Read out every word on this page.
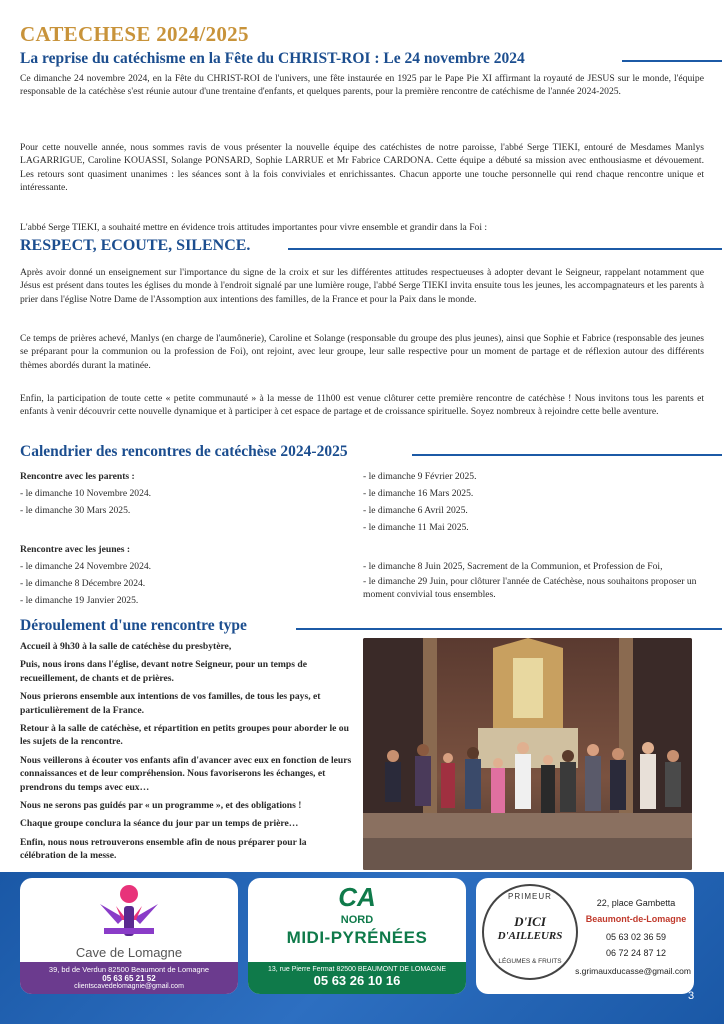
CATECHESE 2024/2025
La reprise du catéchisme en la Fête du CHRIST-ROI : Le 24 novembre 2024
Ce dimanche 24 novembre 2024, en la Fête du CHRIST-ROI de l'univers, une fête instaurée en 1925 par le Pape Pie XI affirmant la royauté de JESUS sur le monde, l'équipe responsable de la catéchèse s'est réunie autour d'une trentaine d'enfants, et quelques parents, pour la première rencontre de catéchisme de l'année 2024-2025.
Pour cette nouvelle année, nous sommes ravis de vous présenter la nouvelle équipe des catéchistes de notre paroisse, l'abbé Serge TIEKI, entouré de Mesdames Manlys LAGARRIGUE, Caroline KOUASSI, Solange PONSARD, Sophie LARRUE et Mr Fabrice CARDONA. Cette équipe a débuté sa mission avec enthousiasme et dévouement. Les retours sont quasiment unanimes : les séances sont à la fois conviviales et enrichissantes. Chacun apporte une touche personnelle qui rend chaque rencontre unique et intéressante.
L'abbé Serge TIEKI, a souhaité mettre en évidence trois attitudes importantes pour vivre ensemble et grandir dans la Foi :
RESPECT, ECOUTE, SILENCE.
Après avoir donné un enseignement sur l'importance du signe de la croix et sur les différentes attitudes respectueuses à adopter devant le Seigneur, rappelant notamment que Jésus est présent dans toutes les églises du monde à l'endroit signalé par une lumière rouge, l'abbé Serge TIEKI invita ensuite tous les jeunes, les accompagnateurs et les parents à prier dans l'église Notre Dame de l'Assomption aux intentions des familles, de la France et pour la Paix dans le monde.
Ce temps de prières achevé, Manlys (en charge de l'aumônerie), Caroline et Solange (responsable du groupe des plus jeunes), ainsi que Sophie et Fabrice (responsable des jeunes se préparant pour la communion ou la profession de Foi), ont rejoint, avec leur groupe, leur salle respective pour un moment de partage et de réflexion autour des différents thèmes abordés durant la matinée.
Enfin, la participation de toute cette « petite communauté » à la messe de 11h00 est venue clôturer cette première rencontre de catéchèse ! Nous invitons tous les parents et enfants à venir découvrir cette nouvelle dynamique et à participer à cet espace de partage et de croissance spirituelle. Soyez nombreux à rejoindre cette belle aventure.
Calendrier des rencontres de catéchèse 2024-2025
Rencontre avec les parents :
- le dimanche 10 Novembre 2024.
- le dimanche 30 Mars 2025.
Rencontre avec les jeunes :
- le dimanche 24 Novembre 2024.
- le dimanche 8 Décembre 2024.
- le dimanche 19 Janvier 2025.
- le dimanche 9 Février 2025.
- le dimanche 16 Mars 2025.
- le dimanche 6 Avril 2025.
- le dimanche 11 Mai 2025.
- le dimanche 8 Juin 2025, Sacrement de la Communion, et Profession de Foi,
- le dimanche 29 Juin, pour clôturer l'année de Catéchèse, nous souhaitons proposer un moment convivial tous ensembles.
Déroulement d'une rencontre type

Accueil à 9h30 à la salle de catéchèse du presbytère,

Puis, nous irons dans l'église, devant notre Seigneur, pour un temps de recueillement, de chants et de prières.

Nous prierons ensemble aux intentions de vos familles, de tous les pays, et particulièrement de la France.

Retour à la salle de catéchèse, et répartition en petits groupes pour aborder le ou les sujets de la rencontre.

Nous veillerons à écouter vos enfants afin d'avancer avec eux en fonction de leurs connaissances et de leur compréhension. Nous favoriserons les échanges, et prendrons du temps avec eux…

Nous ne serons pas guidés par « un programme », et des obligations !

Chaque groupe conclura la séance du jour par un temps de prière…

Enfin, nous nous retrouverons ensemble afin de nous préparer pour la célébration de la messe.

Cave de Lomagne
39, bd de Verdun 82500 Beaumont de Lomagne
05 63 65 21 52
clientscavedelomagnie@gmail.com
CA
NORD
MIDI-PYRÉNÉES
13, rue Pierre Fermat 82500 BEAUMONT DE LOMAGNE
05 63 26 10 16
PRIMEUR
D'ICI
D'AILLEURS
LÉGUMES & FRUITS
22, place Gambetta
Beaumont-de-Lomagne
05 63 02 36 59
06 72 24 87 12
s.grimauxducasse@gmail.com
3
